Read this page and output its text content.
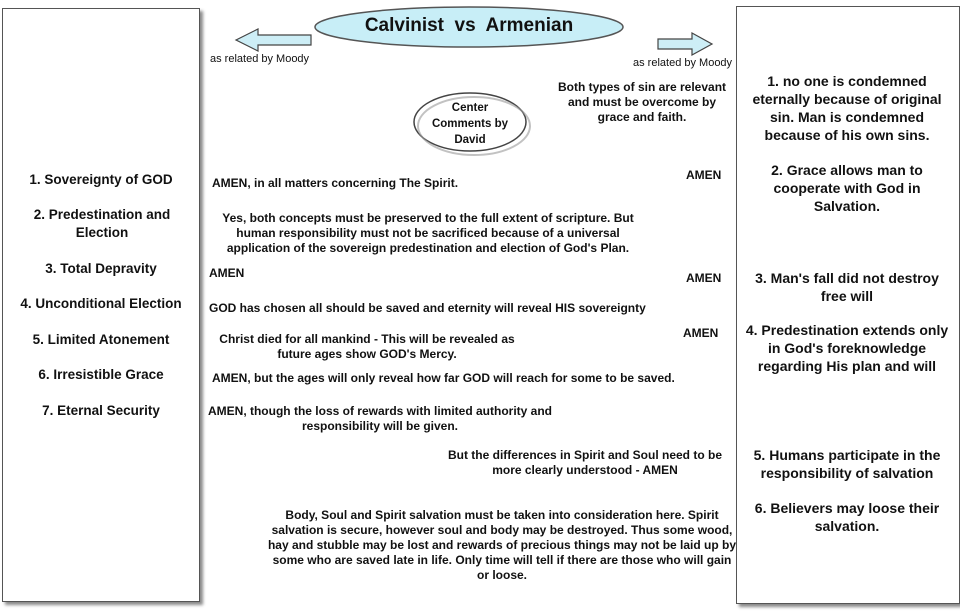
Calvinist  vs  Armenian
as related by Moody	as related by Moody
Center Comments by David
1. Sovereignty of GOD
2. Predestination and Election
3. Total Depravity
4. Unconditional Election
5. Limited Atonement
6. Irresistible Grace
7. Eternal Security
1. no one is condemned eternally because of original sin. Man is condemned because of his own sins.
2. Grace allows man to cooperate with God in Salvation.
3. Man's fall did not destroy free will
4. Predestination extends only in God's foreknowledge regarding His plan and will
5. Humans participate in the responsibility of salvation
6. Believers may loose their salvation.
Both types of sin are relevant and must be overcome by grace and faith.
AMEN, in all matters concerning The Spirit.
AMEN
Yes, both concepts must be preserved to the full extent of scripture. But human responsibility must not be sacrificed because of a universal application of the sovereign predestination and election of God's Plan.
AMEN	AMEN
GOD has chosen all should be saved and eternity will reveal HIS sovereignty
AMEN
Christ died for all mankind - This will be revealed as future ages show GOD's Mercy.
AMEN, but the ages will only reveal how far GOD will reach for some to be saved.
AMEN, though the loss of rewards with limited authority and responsibility will be given.
But the differences in Spirit and Soul need to be more clearly understood - AMEN
Body, Soul and Spirit salvation must be taken into consideration here. Spirit salvation is secure, however soul and body may be destroyed. Thus some wood, hay and stubble may be lost and rewards of precious things may not be laid up by some who are saved late in life. Only time will tell if there are those who will gain or loose.
